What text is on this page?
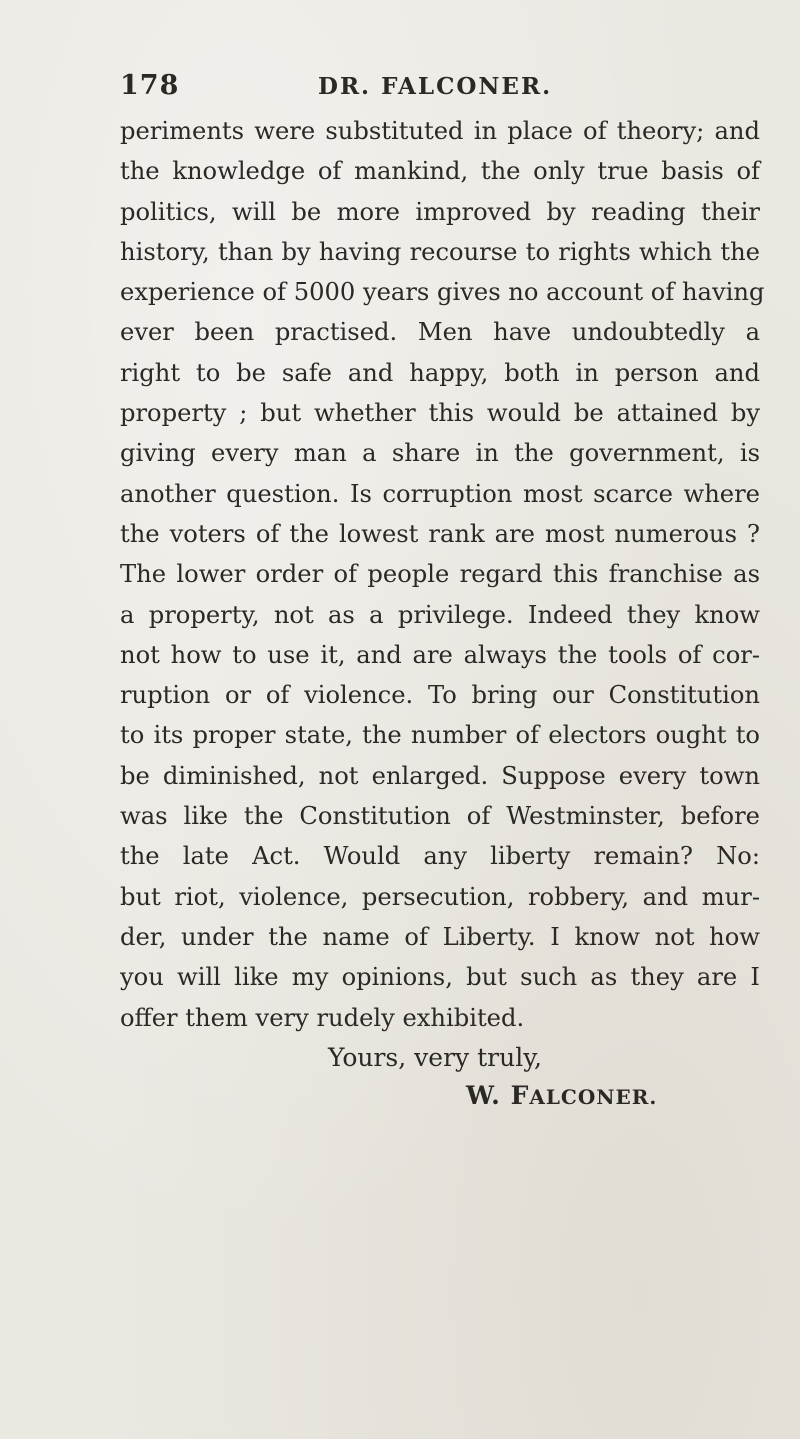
178	DR. FALCONER.
periments were substituted in place of theory; and
the knowledge of mankind, the only true basis of
politics, will be more improved by reading their
history, than by having recourse to rights which the
experience of 5000 years gives no account of having
ever been practised. Men have undoubtedly a
right to be safe and happy, both in person and
property ; but whether this would be attained by
giving every man a share in the government, is
another question. Is corruption most scarce where
the voters of the lowest rank are most numerous ?
The lower order of people regard this franchise as
a property, not as a privilege. Indeed they know
not how to use it, and are always the tools of cor-
ruption or of violence. To bring our Constitution
to its proper state, the number of electors ought to
be diminished, not enlarged. Suppose every town
was like the Constitution of Westminster, before
the late Act. Would any liberty remain? No:
but riot, violence, persecution, robbery, and mur-
der, under the name of Liberty. I know not how
you will like my opinions, but such as they are I
offer them very rudely exhibited.
Yours, very truly,
W. FALCONER.
